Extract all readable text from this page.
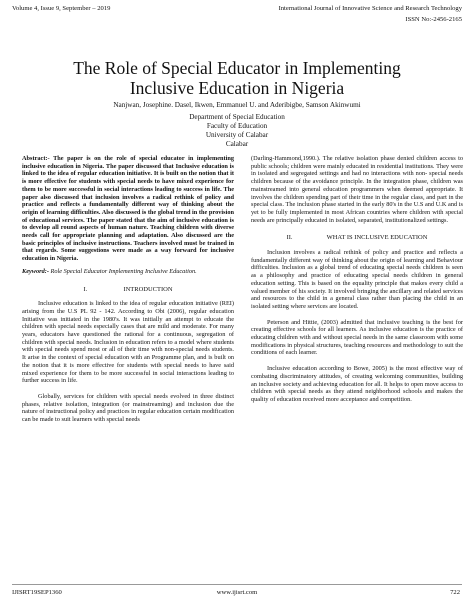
Volume 4, Issue 9, September – 2019	International Journal of Innovative Science and Research Technology
ISSN No:-2456-2165
The Role of Special Educator in Implementing
Inclusive Education in Nigeria
Nanjwan, Josephine. Dasel, Ikwen, Emmanuel U. and Aderibigbe, Samson Akinwumi
Department of Special Education
Faculty of Education
University of Calabar
Calabar

Abstract:- The paper is on the role of special educator in implementing inclusive education in Nigeria. The paper discussed that Inclusive education is linked to the idea of regular education initiative. It is built on the notion that it is more effective for students with special needs to have mixed experience for them to be more successful in social interactions leading to success in life. The paper also discussed that inclusion involves a radical rethink of policy and practice and reflects a fundamentally different way of thinking about the origin of learning difficulties. Also discussed is the global trend in the provision of educational services. The paper stated that the aim of inclusive education is to develop all round aspects of human nature. Teaching children with diverse needs call for appropriate planning and adaptation. Also discussed are the basic principles of inclusive instructions. Teachers involved must be trained in that regards. Some suggestions were made as a way forward for inclusive education in Nigeria.

Keyword:- Role Special Educator Implementing Inclusive Education.

I.	INTRODUCTION

Inclusive education is linked to the idea of regular education initiative (REI) arising from the U.S PL 92 - 142. According to Obi (2006), regular education Initiative was initiated in the 1980's. It was initially an attempt to educate the children with special needs especially cases that are mild and moderate. For many years, educators have questioned the rational for a continuous, segregation of children with special needs. Inclusion in education refers to a model where students with special needs spend most or all of their time with non-special needs students. It arise in the context of special education with an Programme plan, and is built on the notion that it is more effective for students with special needs to have said mixed experience for them to be more successful in social interactions leading to further success in life.

Globally, services for children with special needs evolved in three distinct phases, relative isolation, integration (or mainstreaming) and inclusion due the nature of instructional policy and practices in regular education certain modification can be made to suit learners with special needs

(Darling-Hammond,1990.). The relative isolation phase denied children access to public schools; children were mainly educated in residential institutions. They were in isolated and segregated settings and had no interactions with non- special needs children because of the avoidance principle. In the integration phase, children was mainstreamed into general education programmers when deemed appropriate. It involves the children spending part of their time in the regular class, and part in the special class. The inclusion phase started in the early 80's in the U.S and U.K and is yet to be fully implemented in most African countries where children with special needs are principally educated in isolated, separated, institutionalized settings.

II.	WHAT IS INCLUSIVE EDUCATION

Inclusion involves a radical rethink of policy and practice and reflects a fundamentally different way of thinking about the origin of learning and Behaviour difficulties. Inclusion as a global trend of educating special needs children is seen as a philosophy and practice of educating special needs children in general education setting. This is based on the equality principle that makes every child a valued member of his society. It involved bringing the ancillary and related services and resources to the child in a general class rather than placing the child in an isolated setting where services are located.

Peterson and Hittie, (2003) admitted that inclusive teaching is the best for creating effective schools for all learners. As inclusive education is the practice of educating children with and without special needs in the same classroom with some modifications in physical structures, teaching resources and methodology to suit the conditions of each learner.

Inclusive education according to Bowe, 2005) is the most effective way of combating discriminatory attitudes, of creating welcoming communities, building an inclusive society and achieving education for all. It helps to open move access to children with special needs as they attend neighborhood schools and makes the quality of education received more acceptance and competition.

IJISRT19SEP1360	www.ijisrt.com	722
